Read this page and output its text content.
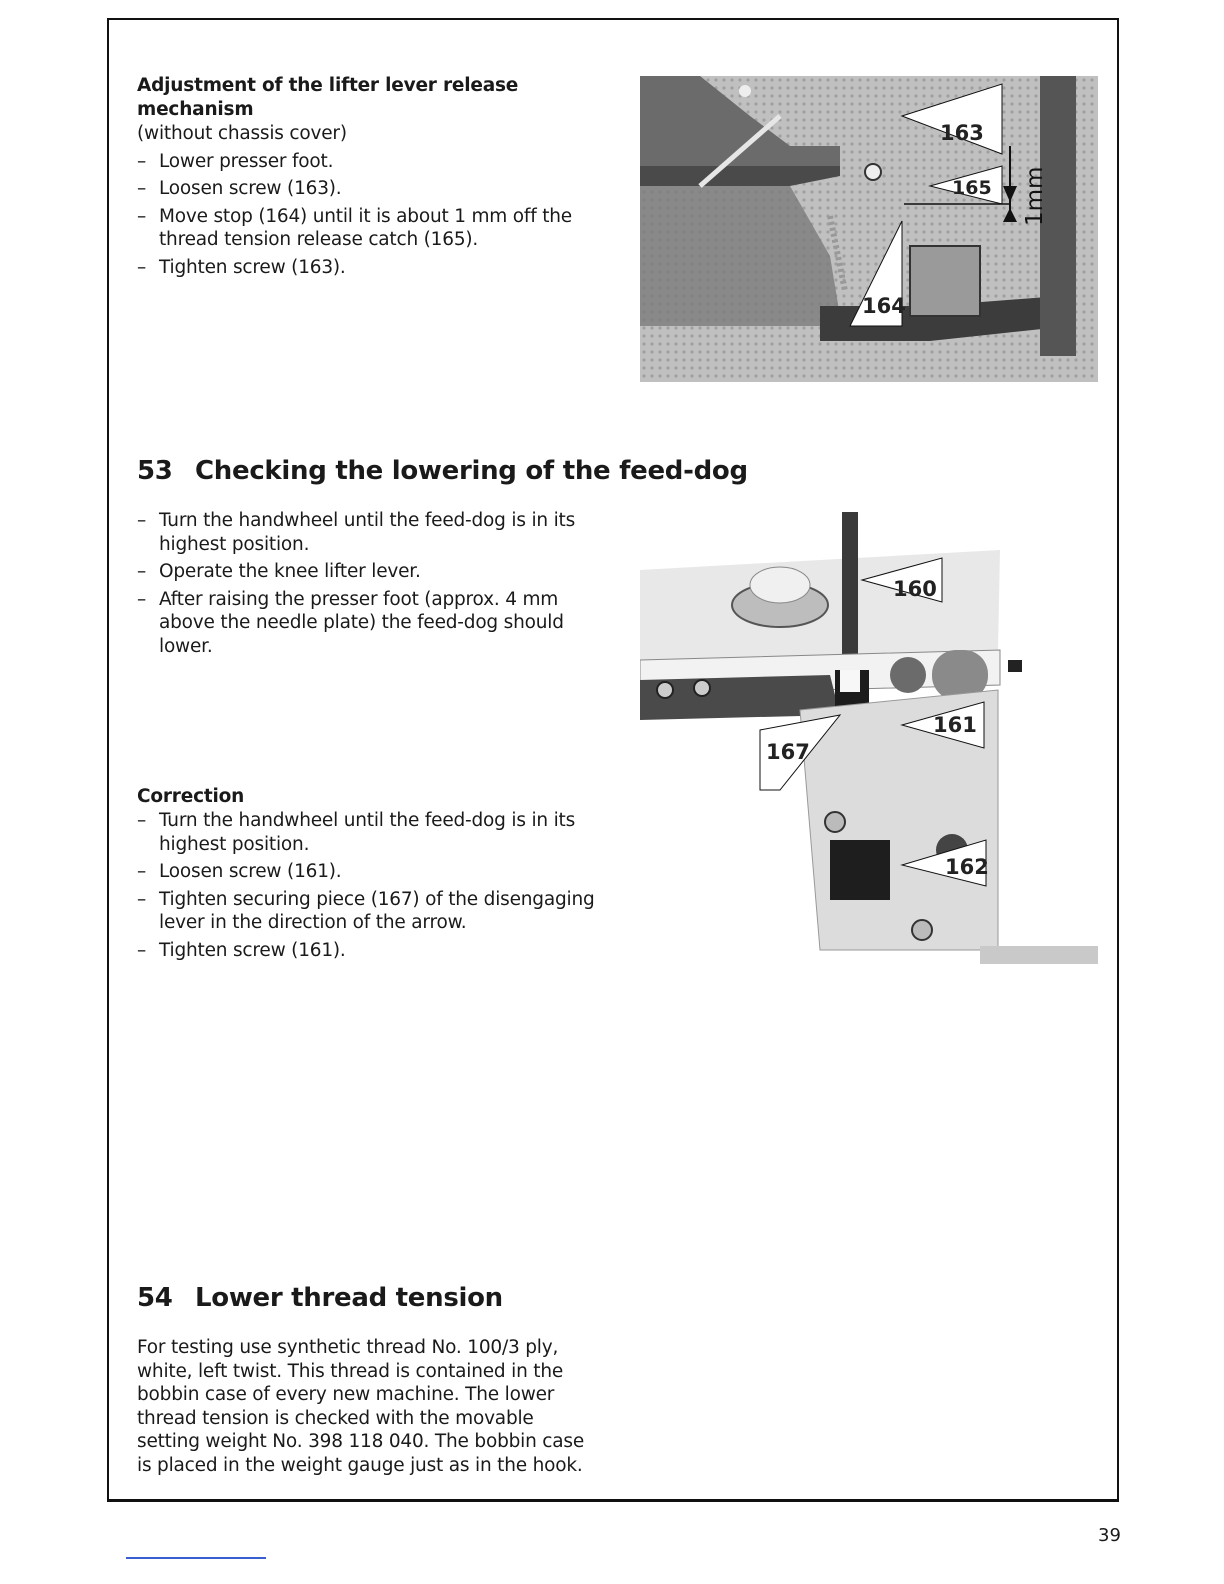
Adjustment of the lifter lever release mechanism
(without chassis cover)
– Lower presser foot.
– Loosen screw (163).
– Move stop (164) until it is about 1 mm off the thread tension release catch (165).
– Tighten screw (163).
163
165
164
1mm
53 Checking the lowering of the feed-dog
– Turn the handwheel until the feed-dog is in its highest position.
– Operate the knee lifter lever.
– After raising the presser foot (approx. 4 mm above the needle plate) the feed-dog should lower.
Correction
– Turn the handwheel until the feed-dog is in its highest position.
– Loosen screw (161).
– Tighten securing piece (167) of the disengaging lever in the direction of the arrow.
– Tighten screw (161).
160
161
167
162
54 Lower thread tension
For testing use synthetic thread No. 100/3 ply, white, left twist. This thread is contained in the bobbin case of every new machine. The lower thread tension is checked with the movable setting weight No. 398 118 040. The bobbin case is placed in the weight gauge just as in the hook.
39
